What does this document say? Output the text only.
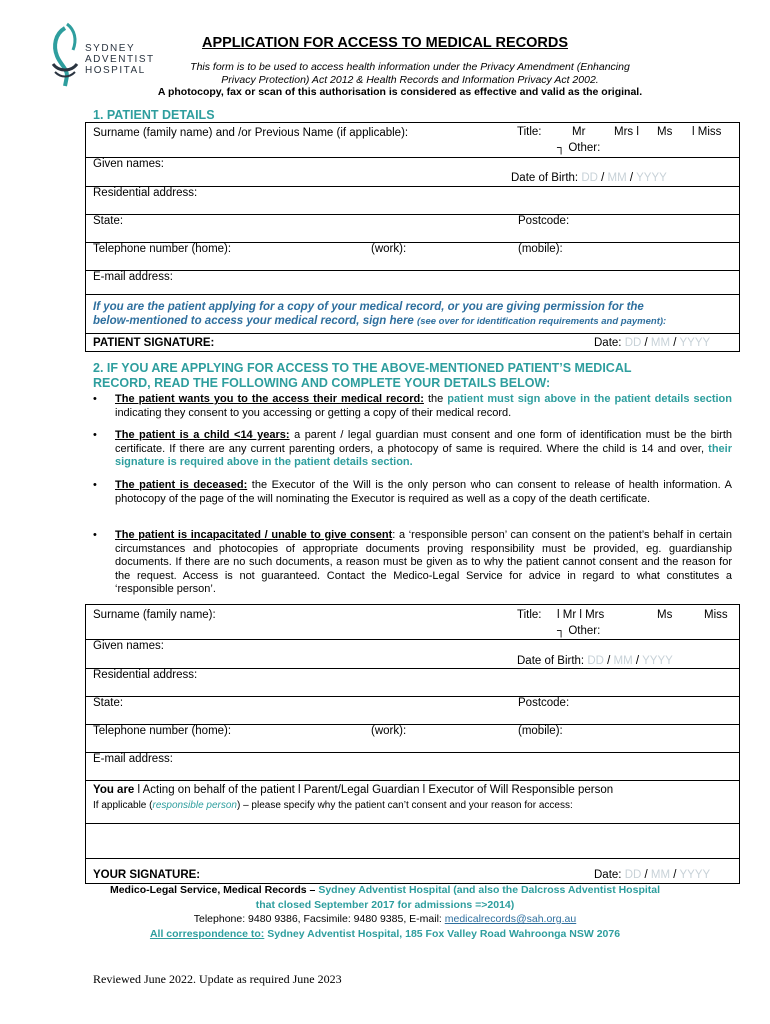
SYDNEY
ADVENTIST
HOSPITAL
APPLICATION FOR ACCESS TO MEDICAL RECORDS
This form is to be used to access health information under the Privacy Amendment (Enhancing
Privacy Protection) Act 2012 & Health Records and Information Privacy Act 2002.
A photocopy, fax or scan of this authorisation is considered as effective and valid as the original.
1. PATIENT DETAILS
Surname (family name) and /or Previous Name (if applicable):
Given names:
Residential address:
State:	Postcode:
Telephone number (home):	(work):	(mobile):
E-mail address:
If you are the patient applying for a copy of your medical record, or you are giving permission for the
below-mentioned to access your medical record, sign here (see over for identification requirements and payment):
PATIENT SIGNATURE:	Date: DD / MM / YYYY
Title:	Mr Mrs l Ms l Miss
┐ Other:
Date of Birth: DD / MM / YYYY
2. IF YOU ARE APPLYING FOR ACCESS TO THE ABOVE-MENTIONED PATIENT’S MEDICAL
RECORD, READ THE FOLLOWING AND COMPLETE YOUR DETAILS BELOW:
• The patient wants you to the access their medical record: the patient must sign above in the patient details section indicating they consent to you accessing or getting a copy of their medical record.
• The patient is a child <14 years: a parent / legal guardian must consent and one form of identification must be the birth certificate. If there are any current parenting orders, a photocopy of same is required. Where the child is 14 and over, their signature is required above in the patient details section.
• The patient is deceased: the Executor of the Will is the only person who can consent to release of health information. A photocopy of the page of the will nominating the Executor is required as well as a copy of the death certificate.
• The patient is incapacitated / unable to give consent: a ‘responsible person’ can consent on the patient’s behalf in certain circumstances and photocopies of appropriate documents proving responsibility must be provided, eg. guardianship documents. If there are no such documents, a reason must be given as to why the patient cannot consent and the reason for the request. Access is not guaranteed. Contact the Medico-Legal Service for advice in regard to what constitutes a ‘responsible person’.
Surname (family name):
Given names:
Residential address:
State:	Postcode:
Telephone number (home):	(work):	(mobile):
E-mail address:
You are l Acting on behalf of the patient l Parent/Legal Guardian l Executor of Will Responsible person
If applicable (responsible person) – please specify why the patient can’t consent and your reason for access:
YOUR SIGNATURE:	Date: DD / MM / YYYY
Title: l Mr l Mrs	Ms	Miss
┐ Other:
Date of Birth: DD / MM / YYYY
Medico-Legal Service, Medical Records – Sydney Adventist Hospital (and also the Dalcross Adventist Hospital
that closed September 2017 for admissions =>2014)
Telephone: 9480 9386, Facsimile: 9480 9385, E-mail: medicalrecords@sah.org.au
All correspondence to: Sydney Adventist Hospital, 185 Fox Valley Road Wahroonga NSW 2076
Reviewed June 2022. Update as required June 2023
